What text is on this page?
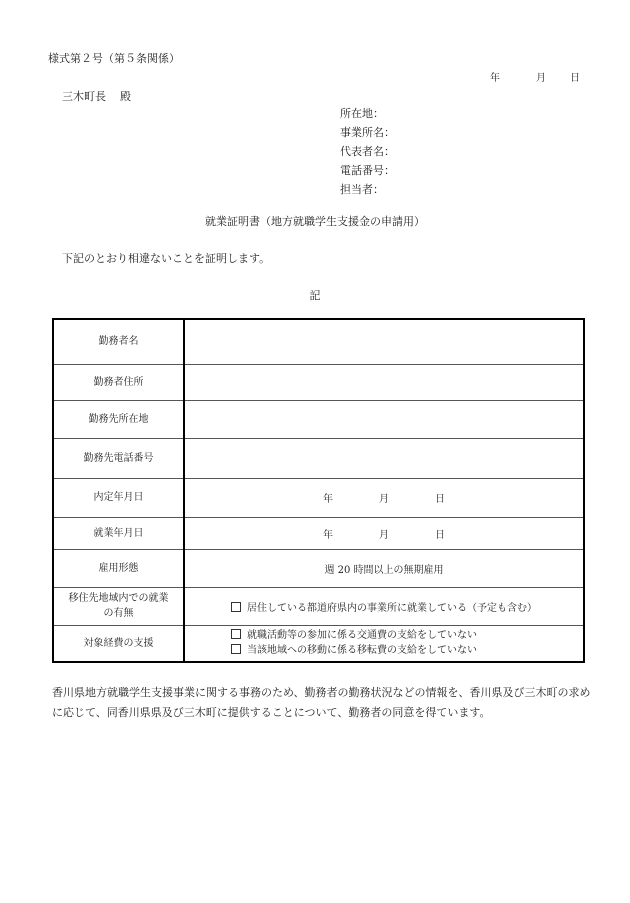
様式第２号（第５条関係）
年	月 日
三木町長 殿
所在地：
事業所名：
代表者名：
電話番号：
担当者：
就業証明書（地方就職学生支援金の申請用）
下記のとおり相違ないことを証明します。
記
勤務者名	
勤務者住所	
勤務先所在地	
勤務先電話番号	
内定年月日	年 月 日
就業年月日	年 月 日
雇用形態	週 20 時間以上の無期雇用

移住先地域内での就業
の有無	居住している都道府県内の事業所に就業している（予定も含む）
対象経費の支援	就職活動等の参加に係る交通費の支給をしていない
当該地域への移動に係る移転費の支給をしていない
香川県地方就職学生支援事業に関する事務のため、勤務者の勤務状況などの情報を、香川県及び三木町の求めに応じて、同香川県県及び三木町に提供することについて、勤務者の同意を得ています。
